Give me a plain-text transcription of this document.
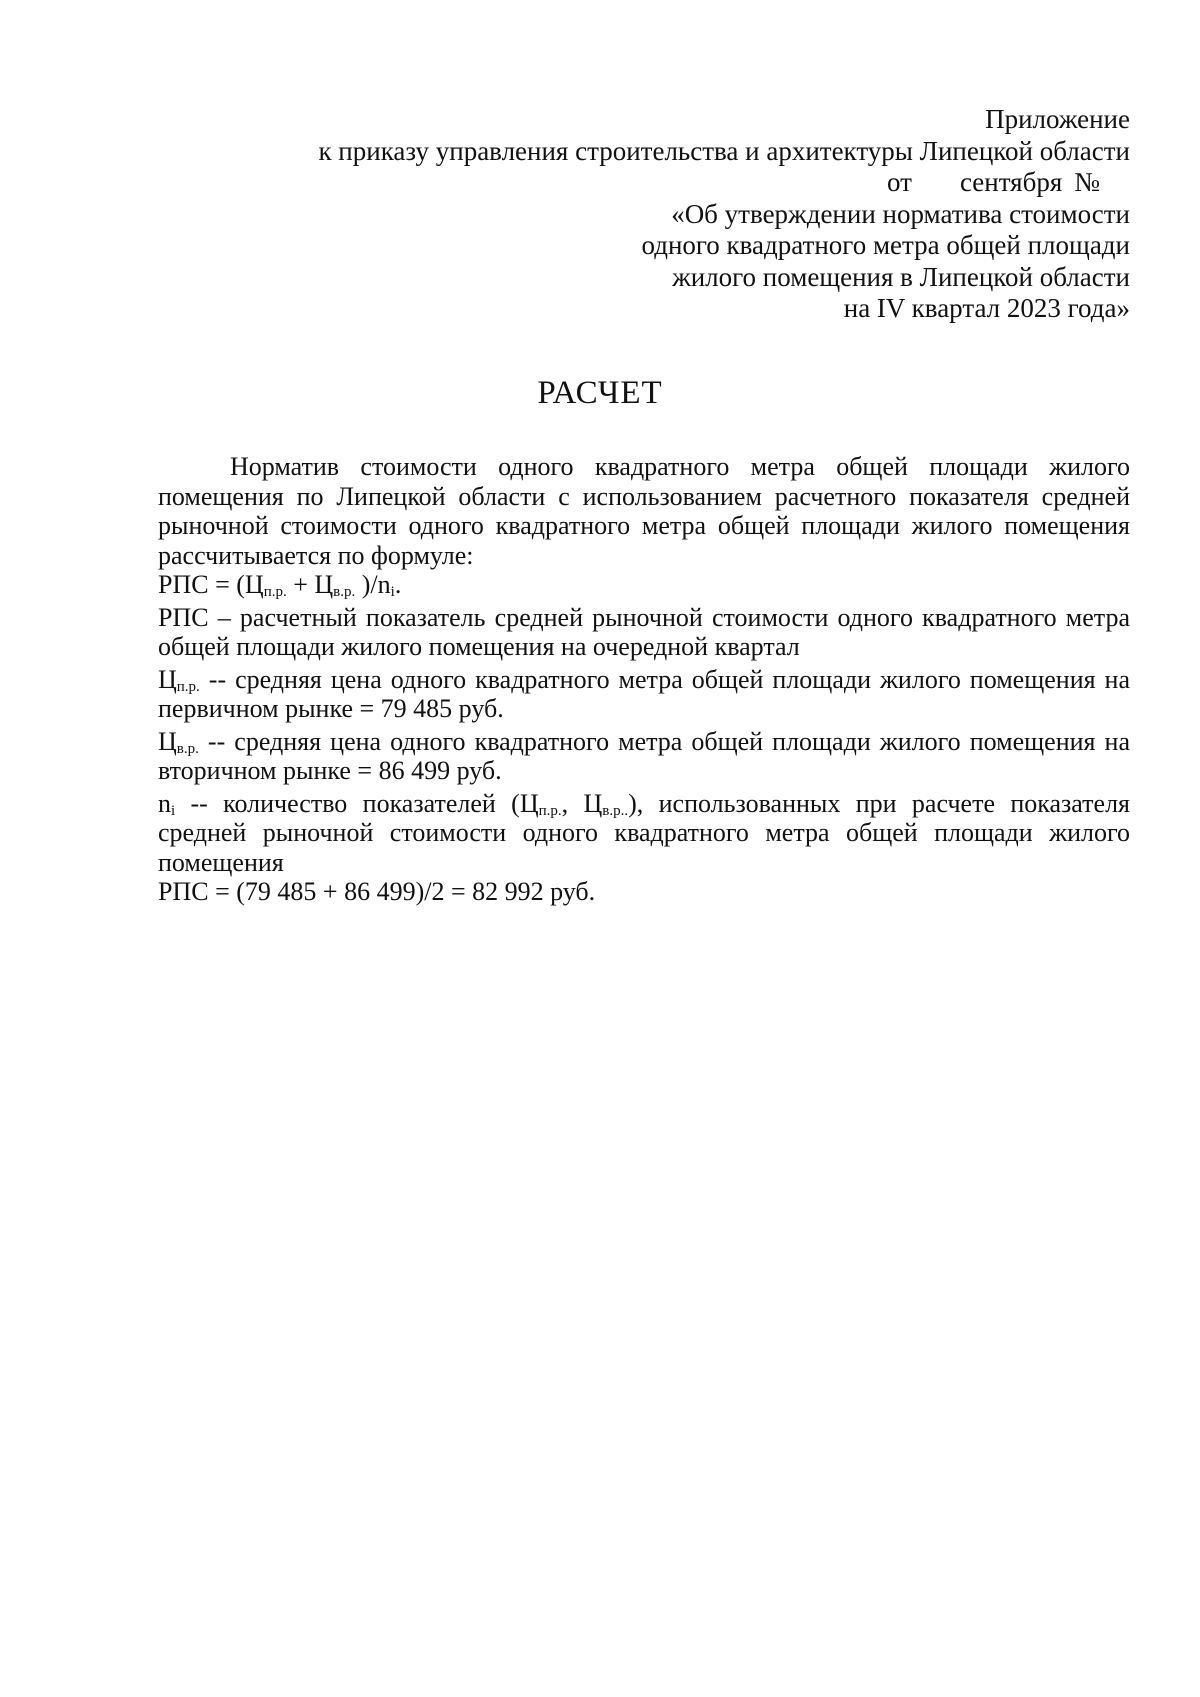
Приложение
к приказу управления строительства и архитектуры Липецкой области
от сентября №
«Об утверждении норматива стоимости
одного квадратного метра общей площади
жилого помещения в Липецкой области
на IV квартал 2023 года»
РАСЧЕТ

Норматив стоимости одного квадратного метра общей площади жилого помещения по Липецкой области с использованием расчетного показателя средней рыночной стоимости одного квадратного метра общей площади жилого помещения рассчитывается по формуле:

РПС = ($Ц_{п.р.} + Ц_{в.р.}$ )$/n_i$.

РПС – расчетный показатель средней рыночной стоимости одного квадратного метра общей площади жилого помещения на очередной квартал

$Ц_{п.р.}$ -- средняя цена одного квадратного метра общей площади жилого помещения на первичном рынке = 79 485 руб.

$Ц_{в.р.}$ -- средняя цена одного квадратного метра общей площади жилого помещения на вторичном рынке = 86 499 руб.

$n_i$ -- количество показателей ($Ц_{п.р.}$, $Ц_{в.р..}$), использованных при расчете показателя средней рыночной стоимости одного квадратного метра общей площади жилого помещения

РПС = (79 485 + 86 499)/2 = 82 992 руб.
